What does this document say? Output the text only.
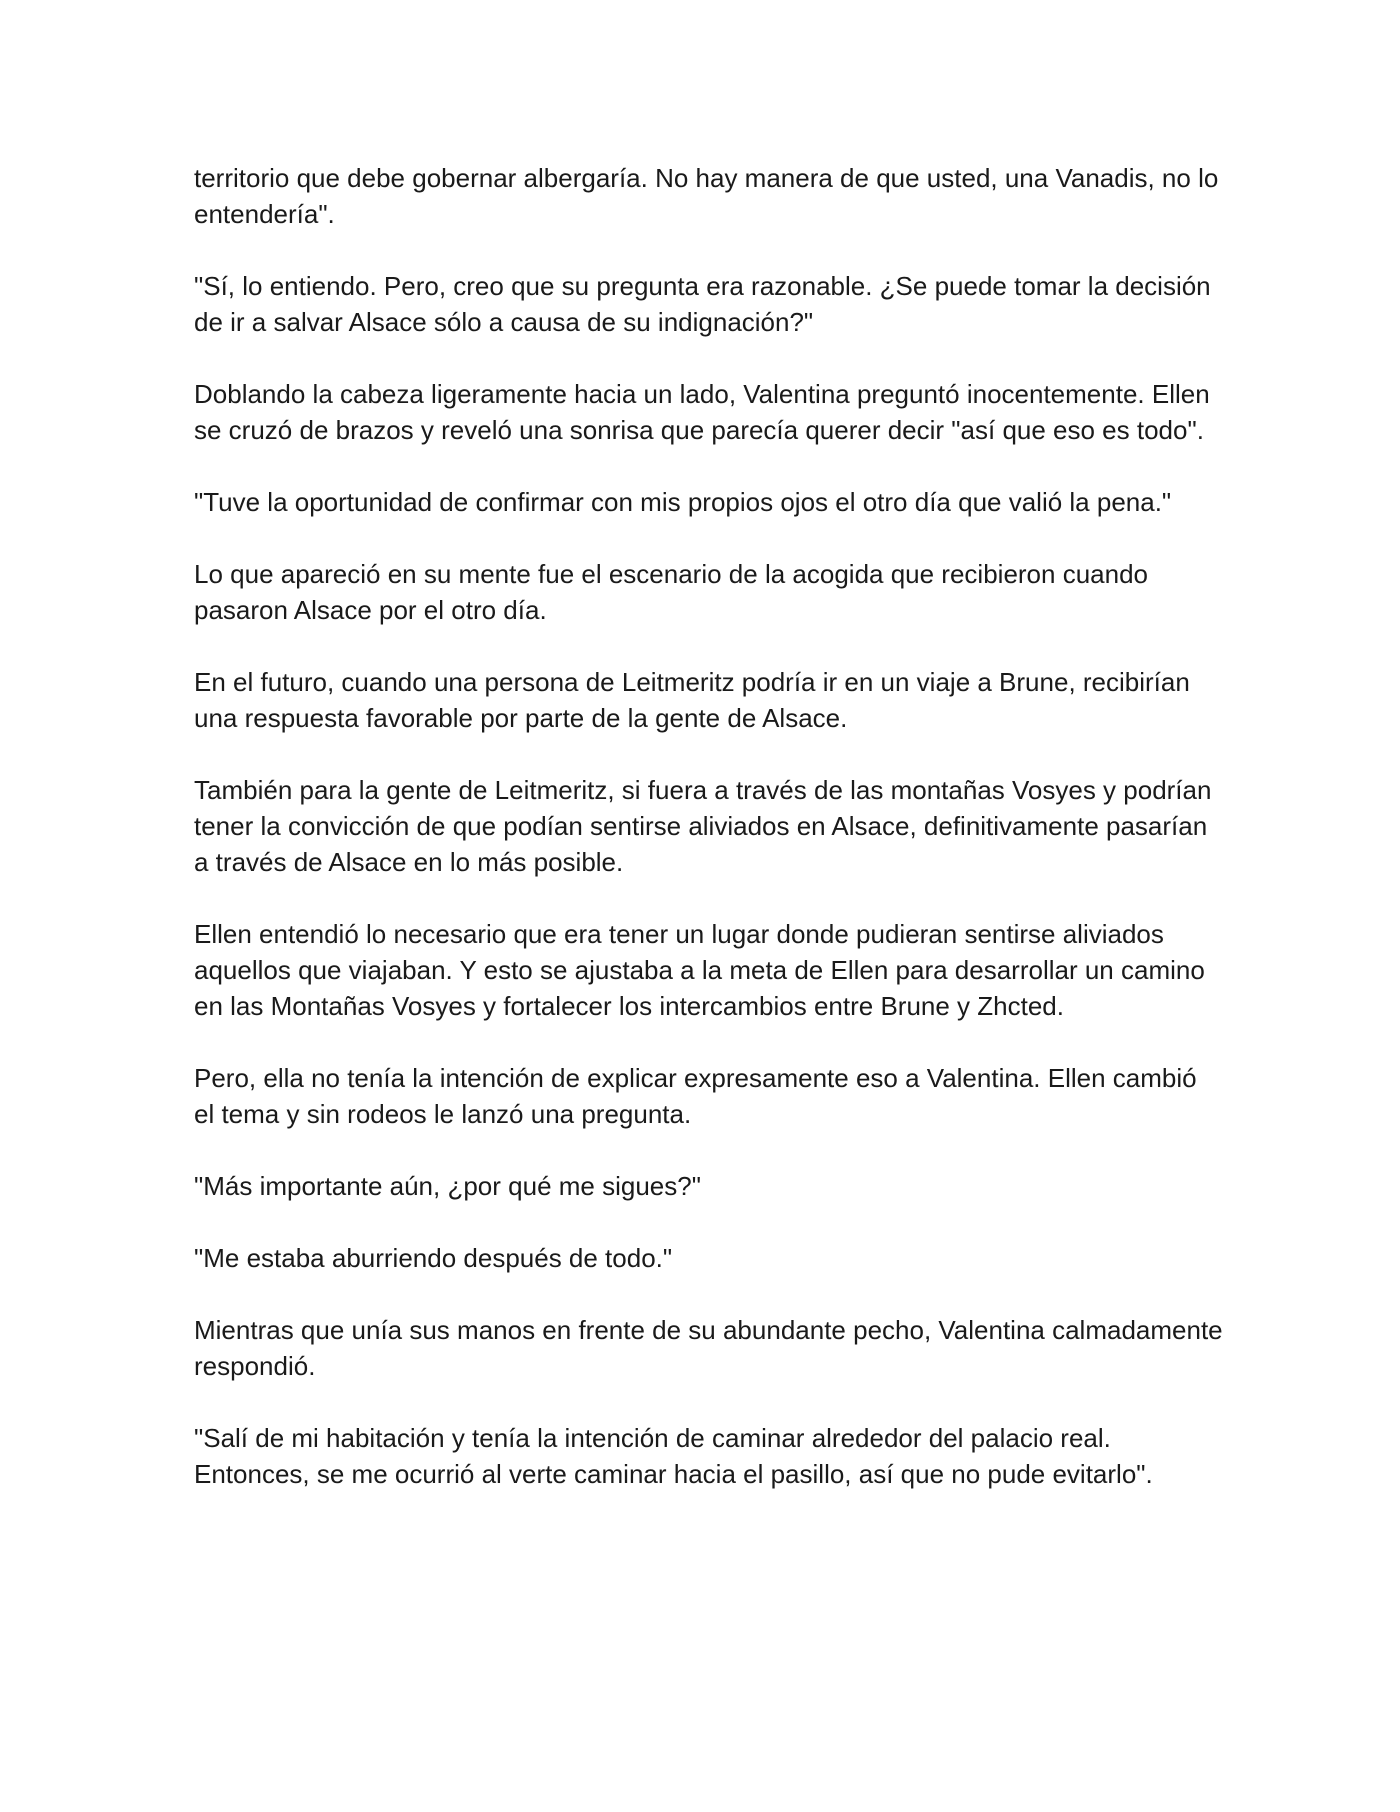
territorio que debe gobernar albergaría. No hay manera de que usted, una Vanadis, no lo entendería".

"Sí, lo entiendo. Pero, creo que su pregunta era razonable. ¿Se puede tomar la decisión de ir a salvar Alsace sólo a causa de su indignación?"

Doblando la cabeza ligeramente hacia un lado, Valentina preguntó inocentemente. Ellen se cruzó de brazos y reveló una sonrisa que parecía querer decir "así que eso es todo".

"Tuve la oportunidad de confirmar con mis propios ojos el otro día que valió la pena."

Lo que apareció en su mente fue el escenario de la acogida que recibieron cuando pasaron Alsace por el otro día.

En el futuro, cuando una persona de Leitmeritz podría ir en un viaje a Brune, recibirían una respuesta favorable por parte de la gente de Alsace.

También para la gente de Leitmeritz, si fuera a través de las montañas Vosyes y podrían tener la convicción de que podían sentirse aliviados en Alsace, definitivamente pasarían a través de Alsace en lo más posible.

Ellen entendió lo necesario que era tener un lugar donde pudieran sentirse aliviados aquellos que viajaban. Y esto se ajustaba a la meta de Ellen para desarrollar un camino en las Montañas Vosyes y fortalecer los intercambios entre Brune y Zhcted.

Pero, ella no tenía la intención de explicar expresamente eso a Valentina. Ellen cambió el tema y sin rodeos le lanzó una pregunta.

"Más importante aún, ¿por qué me sigues?"

"Me estaba aburriendo después de todo."

Mientras que unía sus manos en frente de su abundante pecho, Valentina calmadamente respondió.

"Salí de mi habitación y tenía la intención de caminar alrededor del palacio real. Entonces, se me ocurrió al verte caminar hacia el pasillo, así que no pude evitarlo".
